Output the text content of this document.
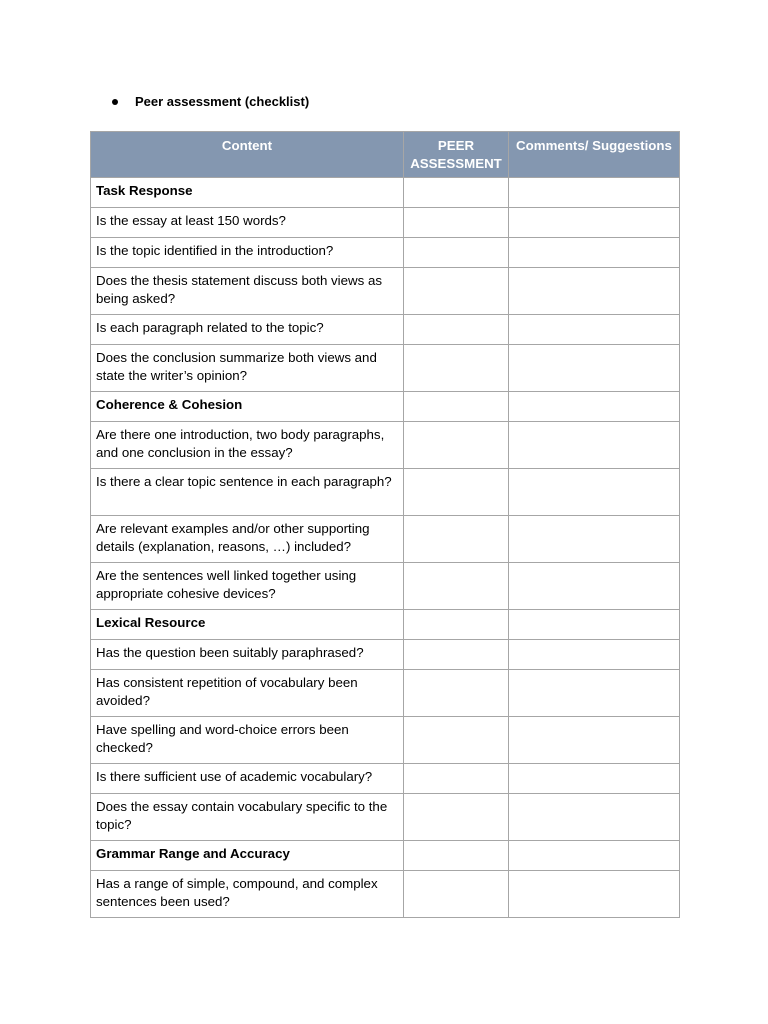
Peer assessment (checklist)
Content	PEER ASSESSMENT	Comments/ Suggestions
Task Response		
Is the essay at least 150 words?		
Is the topic identified in the introduction?		
Does the thesis statement discuss both views as being asked?		
Is each paragraph related to the topic?		
Does the conclusion summarize both views and state the writer’s opinion?		
Coherence & Cohesion		
Are there one introduction, two body paragraphs, and one conclusion in the essay?		
Is there a clear topic sentence in each paragraph?		
Are relevant examples and/or other supporting details (explanation, reasons, …) included?		
Are the sentences well linked together using appropriate cohesive devices?		
Lexical Resource		
Has the question been suitably paraphrased?		
Has consistent repetition of vocabulary been avoided?		
Have spelling and word-choice errors been checked?		
Is there sufficient use of academic vocabulary?		
Does the essay contain vocabulary specific to the topic?		
Grammar Range and Accuracy		
Has a range of simple, compound, and complex sentences been used?		
